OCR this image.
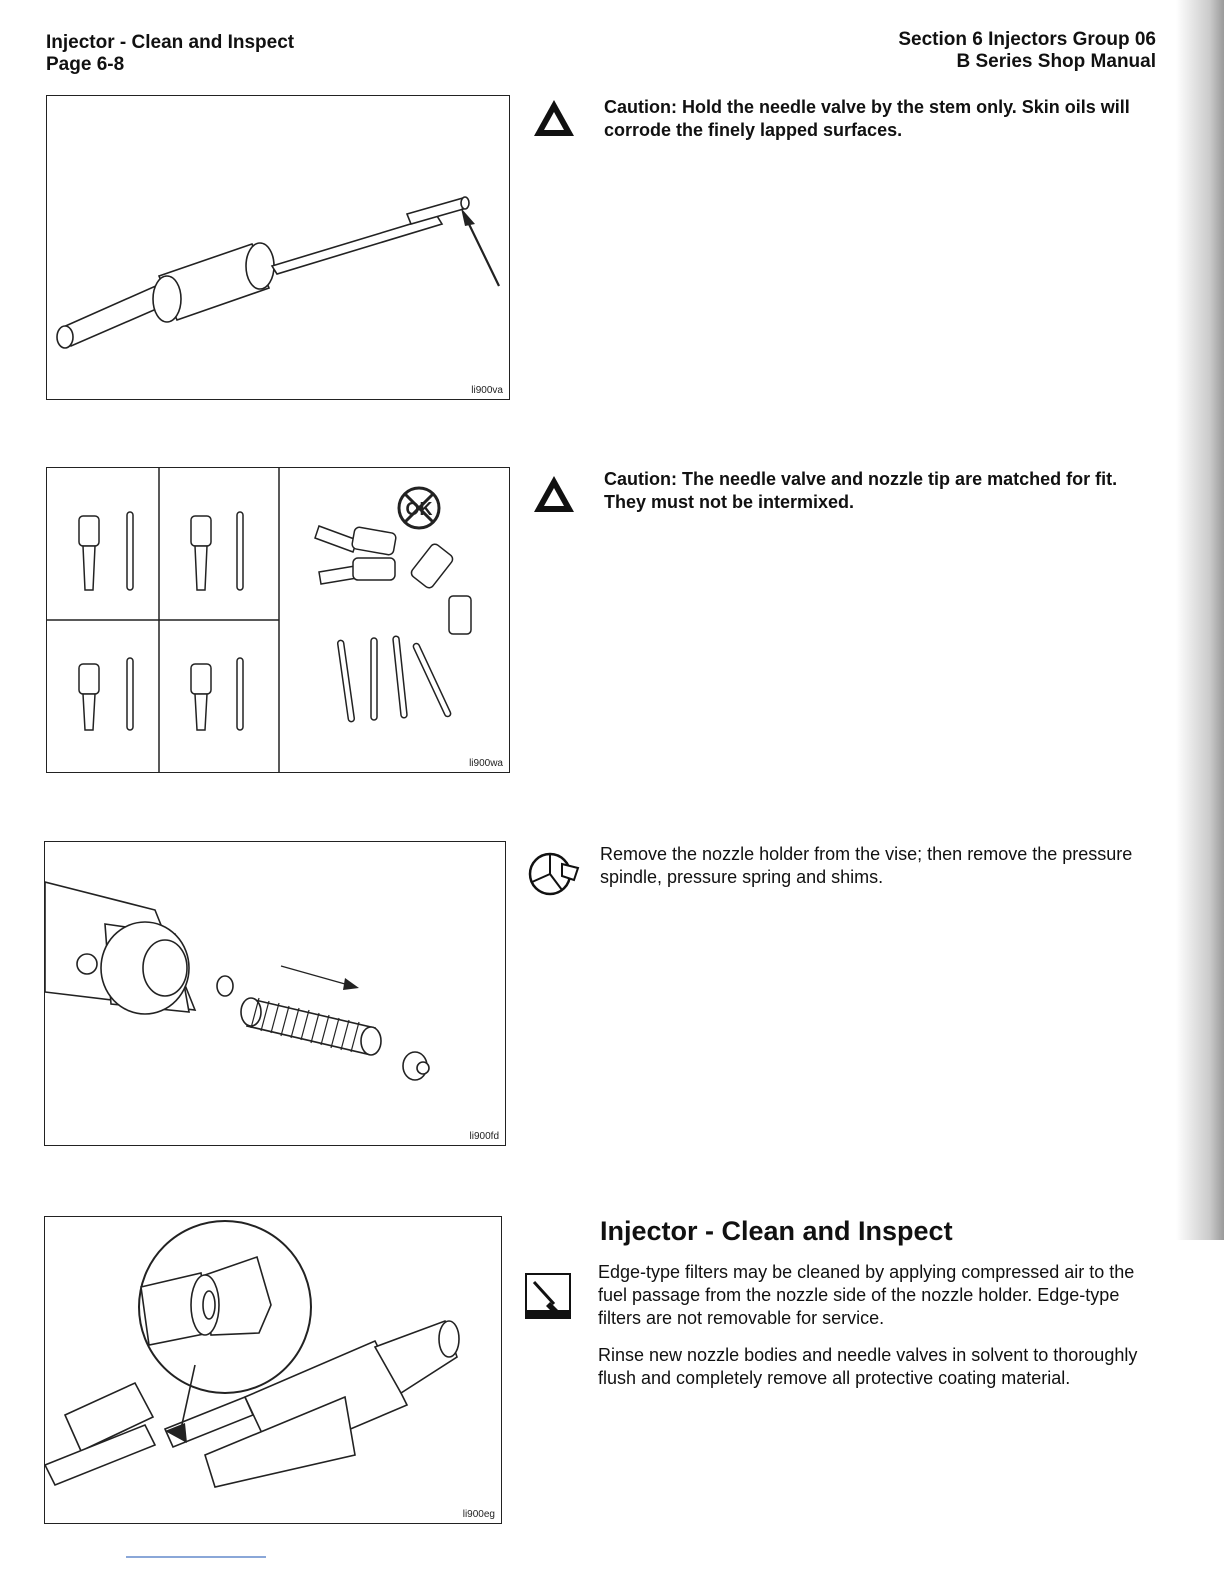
Injector - Clean and Inspect
Page 6-8
Section 6 Injectors Group 06
B Series Shop Manual
li900va
Caution: Hold the needle valve by the stem only. Skin oils will corrode the finely lapped surfaces.
OK
li900wa
Caution: The needle valve and nozzle tip are matched for fit. They must not be intermixed.
li900fd
Remove the nozzle holder from the vise; then remove the pressure spindle, pressure spring and shims.
li900eg
Injector - Clean and Inspect

Edge-type filters may be cleaned by applying compressed air to the fuel passage from the nozzle side of the nozzle holder. Edge-type filters are not removable for service.

Rinse new nozzle bodies and needle valves in solvent to thoroughly flush and completely remove all protective coating material.
